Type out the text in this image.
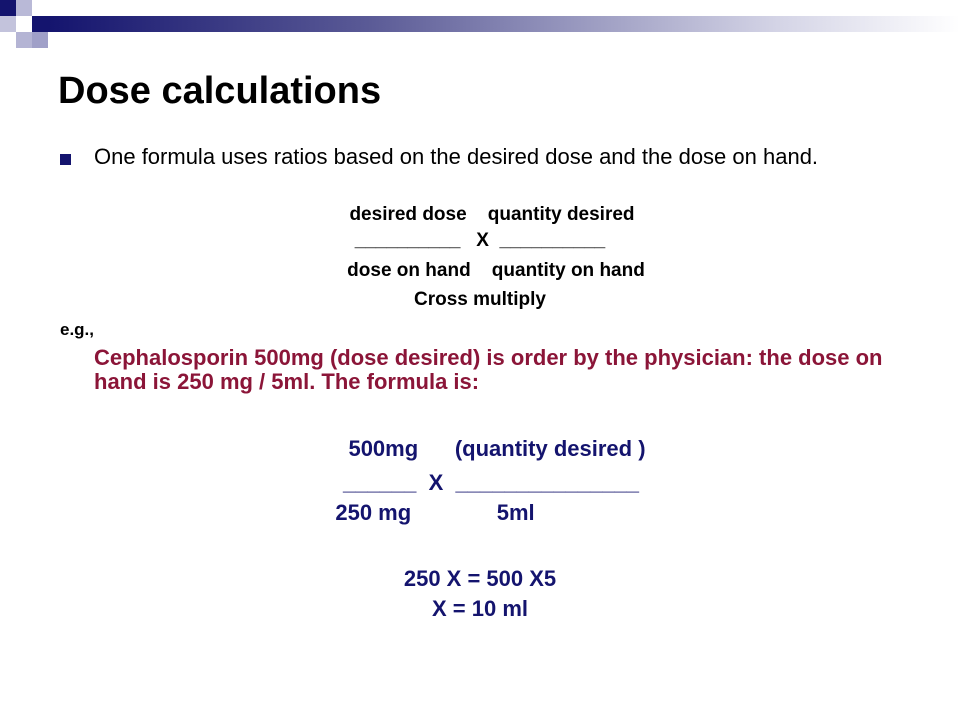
Dose calculations
One formula uses ratios based on the desired dose and the dose on hand.
desired dose    quantity desired
__________   X  __________
dose on hand    quantity on hand
Cross multiply
e.g.,
Cephalosporin 500mg (dose desired) is order by the physician: the dose on hand is 250 mg / 5ml. The formula is:
500mg      (quantity desired )
______  X  _______________
250 mg              5ml
250 X = 500 X5
X = 10 ml
